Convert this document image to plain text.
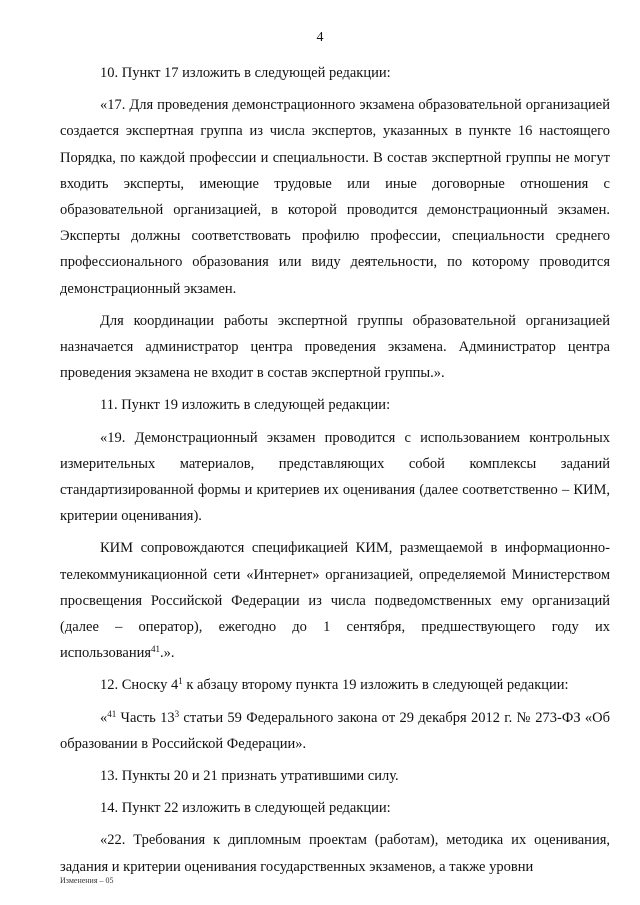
4

10. Пункт 17 изложить в следующей редакции:

«17. Для проведения демонстрационного экзамена образовательной организацией создается экспертная группа из числа экспертов, указанных в пункте 16 настоящего Порядка, по каждой профессии и специальности. В состав экспертной группы не могут входить эксперты, имеющие трудовые или иные договорные отношения с образовательной организацией, в которой проводится демонстрационный экзамен. Эксперты должны соответствовать профилю профессии, специальности среднего профессионального образования или виду деятельности, по которому проводится демонстрационный экзамен.

Для координации работы экспертной группы образовательной организацией назначается администратор центра проведения экзамена. Администратор центра проведения экзамена не входит в состав экспертной группы.».

11. Пункт 19 изложить в следующей редакции:

«19. Демонстрационный экзамен проводится с использованием контрольных измерительных материалов, представляющих собой комплексы заданий стандартизированной формы и критериев их оценивания (далее соответственно – КИМ, критерии оценивания).

КИМ сопровождаются спецификацией КИМ, размещаемой в информационно-телекоммуникационной сети «Интернет» организацией, определяемой Министерством просвещения Российской Федерации из числа подведомственных ему организаций (далее – оператор), ежегодно до 1 сентября, предшествующего году их использования$^{41}$.».

12. Сноску $4^1$ к абзацу второму пункта 19 изложить в следующей редакции:

«$^{41}$ Часть $13^3$ статьи 59 Федерального закона от 29 декабря 2012 г. № 273-ФЗ «Об образовании в Российской Федерации».

13. Пункты 20 и 21 признать утратившими силу.

14. Пункт 22 изложить в следующей редакции:

«22. Требования к дипломным проектам (работам), методика их оценивания, задания и критерии оценивания государственных экзаменов, а также уровни

Изменения – 05
